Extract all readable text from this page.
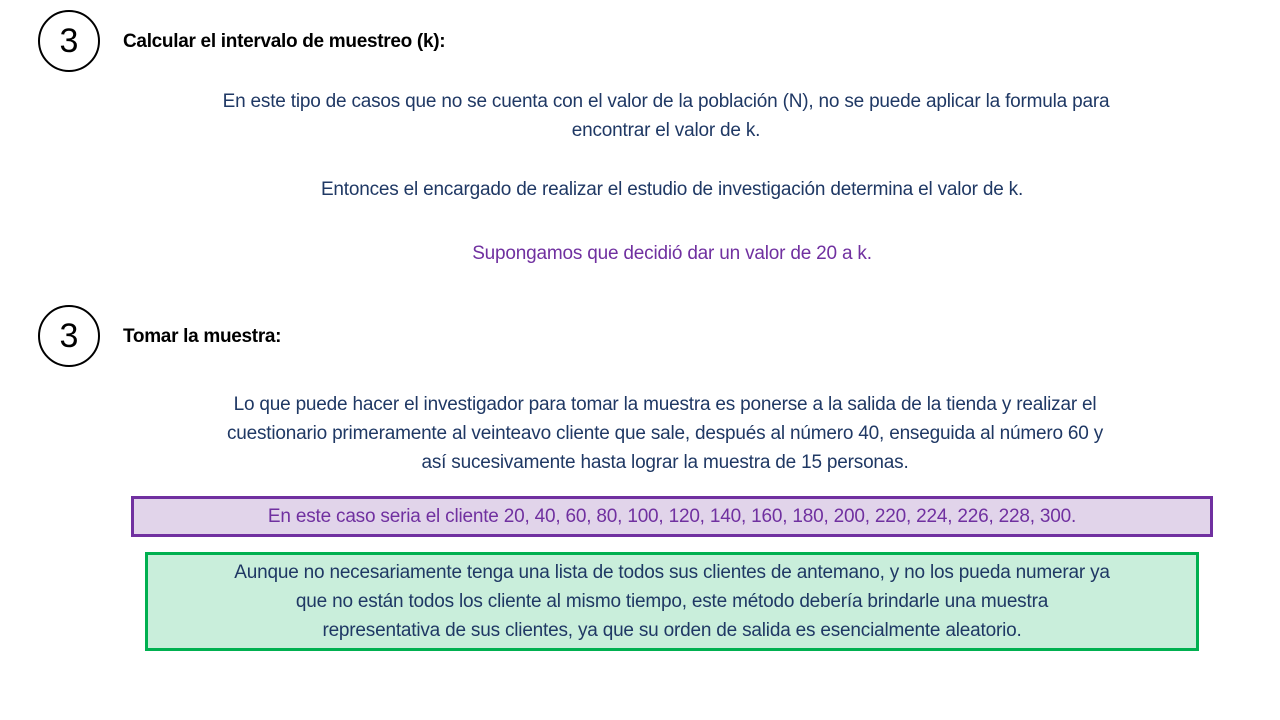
3	Calcular el intervalo de muestreo (k):
En este tipo de casos que no se cuenta con el valor de la población (N), no se puede aplicar la formula para
encontrar el valor de k.
Entonces el encargado de realizar el estudio de investigación determina el valor de k.
Supongamos que decidió dar un valor de 20 a k.
3	Tomar la muestra:
Lo que puede hacer el investigador para tomar la muestra es ponerse a la salida de la tienda y realizar el
cuestionario primeramente al veinteavo cliente que sale, después al número 40, enseguida al número 60 y
así sucesivamente hasta lograr la muestra de 15 personas.
En este caso seria el cliente 20, 40, 60, 80, 100, 120, 140, 160, 180, 200, 220, 224, 226, 228, 300.
Aunque no necesariamente tenga una lista de todos sus clientes de antemano, y no los pueda numerar ya
que no están todos los cliente al mismo tiempo, este método debería brindarle una muestra
representativa de sus clientes, ya que su orden de salida es esencialmente aleatorio.
